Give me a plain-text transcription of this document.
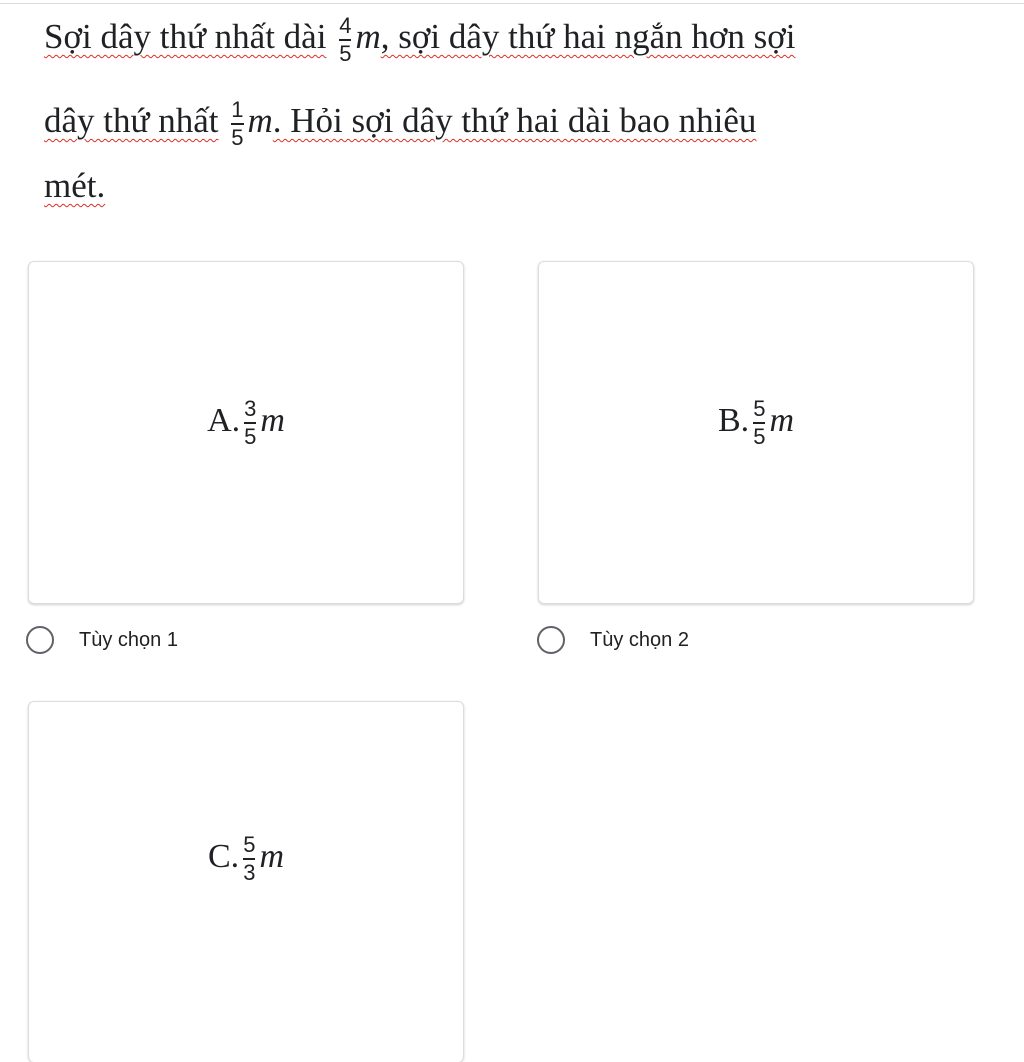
Sợi dây thứ nhất dài $\frac{4}{5} m$, sợi dây thứ hai ngắn hơn sợi
dây thứ nhất $\frac{1}{5} m$. Hỏi sợi dây thứ hai dài bao nhiêu
mét.
A. $\frac{3}{5}$ m	B. $\frac{5}{5}$ m
Tùy chọn 1	Tùy chọn 2
C. $\frac{5}{3}$ m
